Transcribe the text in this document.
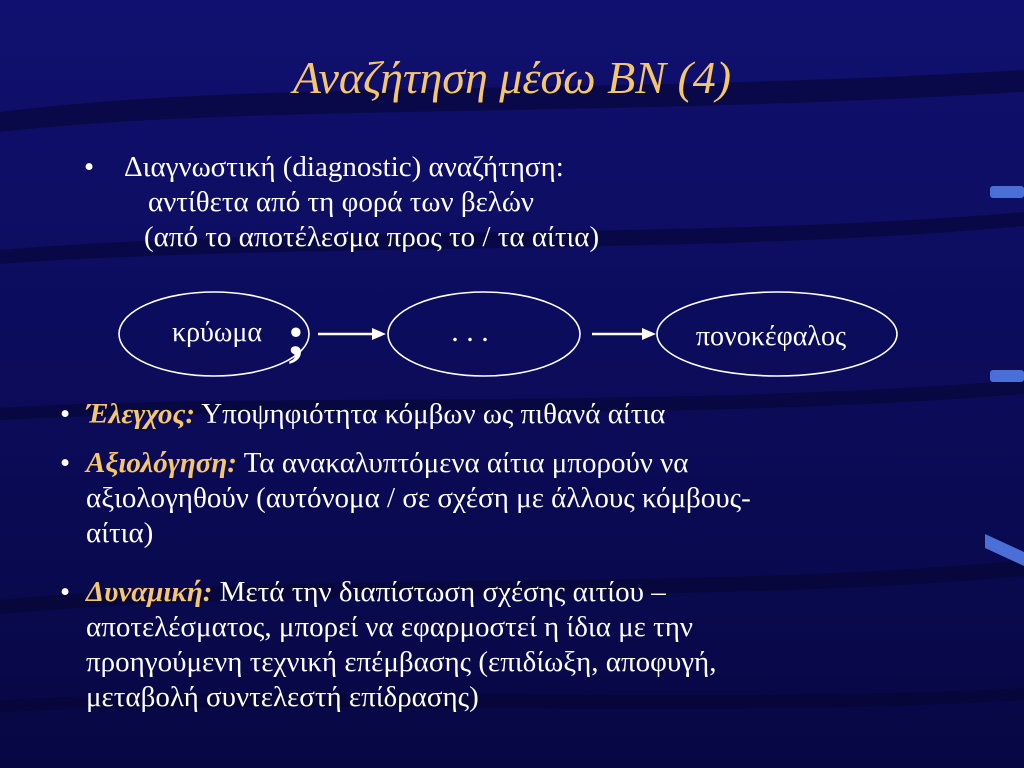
Αναζήτηση μέσω ΒΝ (4)
• Διαγνωστική (diagnostic) αναζήτηση:
αντίθετα από τη φορά των βελών
(από το αποτέλεσμα προς το / τα αίτια)
κρύωμα ;	. . .	πονοκέφαλος
• Έλεγχος: Υποψηφιότητα κόμβων ως πιθανά αίτια
• Αξιολόγηση: Τα ανακαλυπτόμενα αίτια μπορούν να
αξιολογηθούν (αυτόνομα / σε σχέση με άλλους κόμβους-
αίτια)
• Δυναμική: Μετά την διαπίστωση σχέσης αιτίου –
αποτελέσματος, μπορεί να εφαρμοστεί η ίδια με την
προηγούμενη τεχνική επέμβασης (επιδίωξη, αποφυγή,
μεταβολή συντελεστή επίδρασης)
